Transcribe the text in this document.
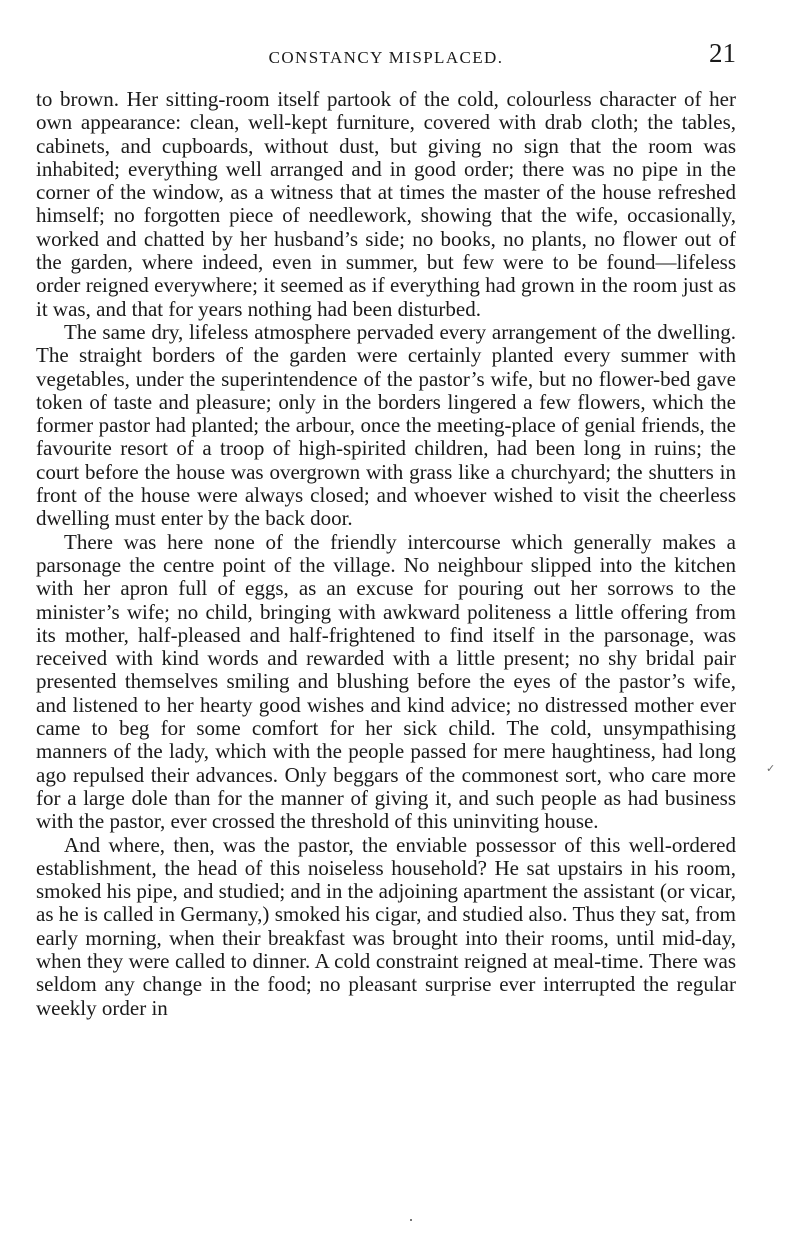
CONSTANCY MISPLACED.	21

to brown. Her sitting-room itself partook of the cold, colourless character of her own appearance: clean, well-kept furniture, covered with drab cloth; the tables, cabinets, and cupboards, without dust, but giving no sign that the room was inhabited; everything well arranged and in good order; there was no pipe in the corner of the window, as a witness that at times the master of the house refreshed himself; no forgotten piece of needlework, showing that the wife, occasionally, worked and chatted by her husband’s side; no books, no plants, no flower out of the garden, where indeed, even in summer, but few were to be found—lifeless order reigned everywhere; it seemed as if everything had grown in the room just as it was, and that for years nothing had been disturbed.

The same dry, lifeless atmosphere pervaded every arrangement of the dwelling. The straight borders of the garden were certainly planted every summer with vegetables, under the superintendence of the pastor’s wife, but no flower-bed gave token of taste and pleasure; only in the borders lingered a few flowers, which the former pastor had planted; the arbour, once the meeting-place of genial friends, the favourite resort of a troop of high-spirited children, had been long in ruins; the court before the house was overgrown with grass like a churchyard; the shutters in front of the house were always closed; and whoever wished to visit the cheerless dwelling must enter by the back door.

There was here none of the friendly intercourse which generally makes a parsonage the centre point of the village. No neighbour slipped into the kitchen with her apron full of eggs, as an excuse for pouring out her sorrows to the minister’s wife; no child, bringing with awkward politeness a little offering from its mother, half-pleased and half-frightened to find itself in the parsonage, was received with kind words and rewarded with a little present; no shy bridal pair presented themselves smiling and blushing before the eyes of the pastor’s wife, and listened to her hearty good wishes and kind advice; no distressed mother ever came to beg for some comfort for her sick child. The cold, unsympathising manners of the lady, which with the people passed for mere haughtiness, had long ago repulsed their advances. Only beggars of the commonest sort, who care more for a large dole than for the manner of giving it, and such people as had business with the pastor, ever crossed the threshold of this uninviting house.

And where, then, was the pastor, the enviable possessor of this well-ordered establishment, the head of this noiseless household? He sat upstairs in his room, smoked his pipe, and studied; and in the adjoining apartment the assistant (or vicar, as he is called in Germany,) smoked his cigar, and studied also. Thus they sat, from early morning, when their breakfast was brought into their rooms, until mid-day, when they were called to dinner. A cold constraint reigned at meal-time. There was seldom any change in the food; no pleasant surprise ever interrupted the regular weekly order in

✓
